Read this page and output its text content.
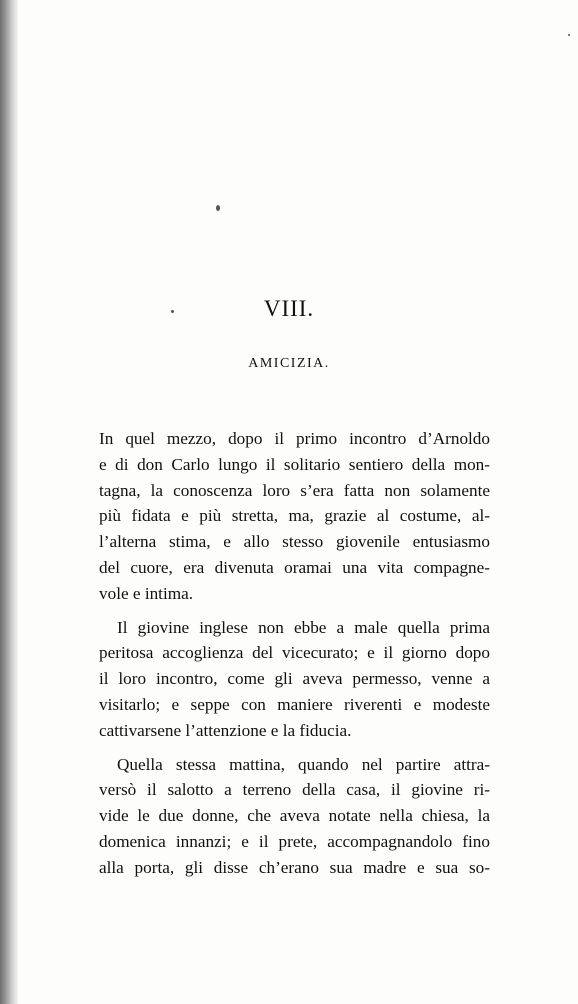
VIII.
AMICIZIA.
In quel mezzo, dopo il primo incontro d’Arnoldo
e di don Carlo lungo il solitario sentiero della mon-
tagna, la conoscenza loro s’era fatta non solamente
più fidata e più stretta, ma, grazie al costume, al-
l’alterna stima, e allo stesso giovenile entusiasmo
del cuore, era divenuta oramai una vita compagne-
vole e intima.
Il giovine inglese non ebbe a male quella prima
peritosa accoglienza del vicecurato; e il giorno dopo
il loro incontro, come gli aveva permesso, venne a
visitarlo; e seppe con maniere riverenti e modeste
cattivarsene l’attenzione e la fiducia.
Quella stessa mattina, quando nel partire attra-
versò il salotto a terreno della casa, il giovine ri-
vide le due donne, che aveva notate nella chiesa, la
domenica innanzi; e il prete, accompagnandolo fino
alla porta, gli disse ch’erano sua madre e sua so-
